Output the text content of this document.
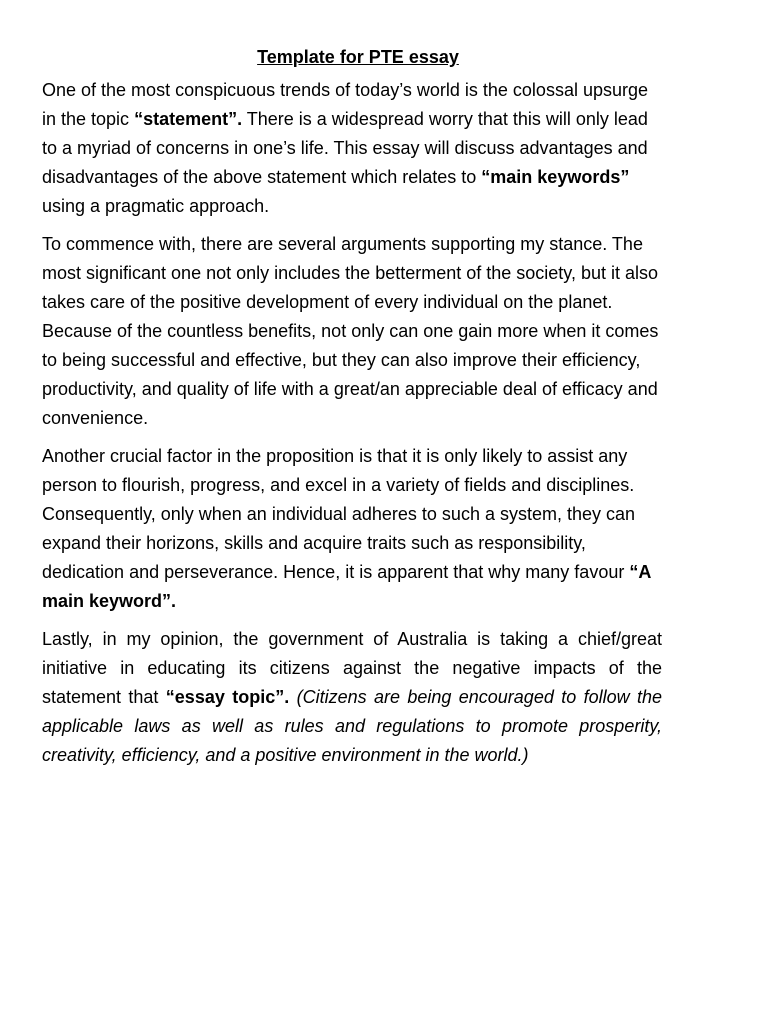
Template for PTE essay

One of the most conspicuous trends of today’s world is the colossal upsurge in the topic “statement”. There is a widespread worry that this will only lead to a myriad of concerns in one’s life. This essay will discuss advantages and disadvantages of the above statement which relates to “main keywords” using a pragmatic approach.

To commence with, there are several arguments supporting my stance. The most significant one not only includes the betterment of the society, but it also takes care of the positive development of every individual on the planet. Because of the countless benefits, not only can one gain more when it comes to being successful and effective, but they can also improve their efficiency, productivity, and quality of life with a great/an appreciable deal of efficacy and convenience.

Another crucial factor in the proposition is that it is only likely to assist any person to flourish, progress, and excel in a variety of fields and disciplines. Consequently, only when an individual adheres to such a system, they can expand their horizons, skills and acquire traits such as responsibility, dedication and perseverance. Hence, it is apparent that why many favour “A main keyword”.

Lastly, in my opinion, the government of Australia is taking a chief/great initiative in educating its citizens against the negative impacts of the statement that “essay topic”. (Citizens are being encouraged to follow the applicable laws as well as rules and regulations to promote prosperity, creativity, efficiency, and a positive environment in the world.)
